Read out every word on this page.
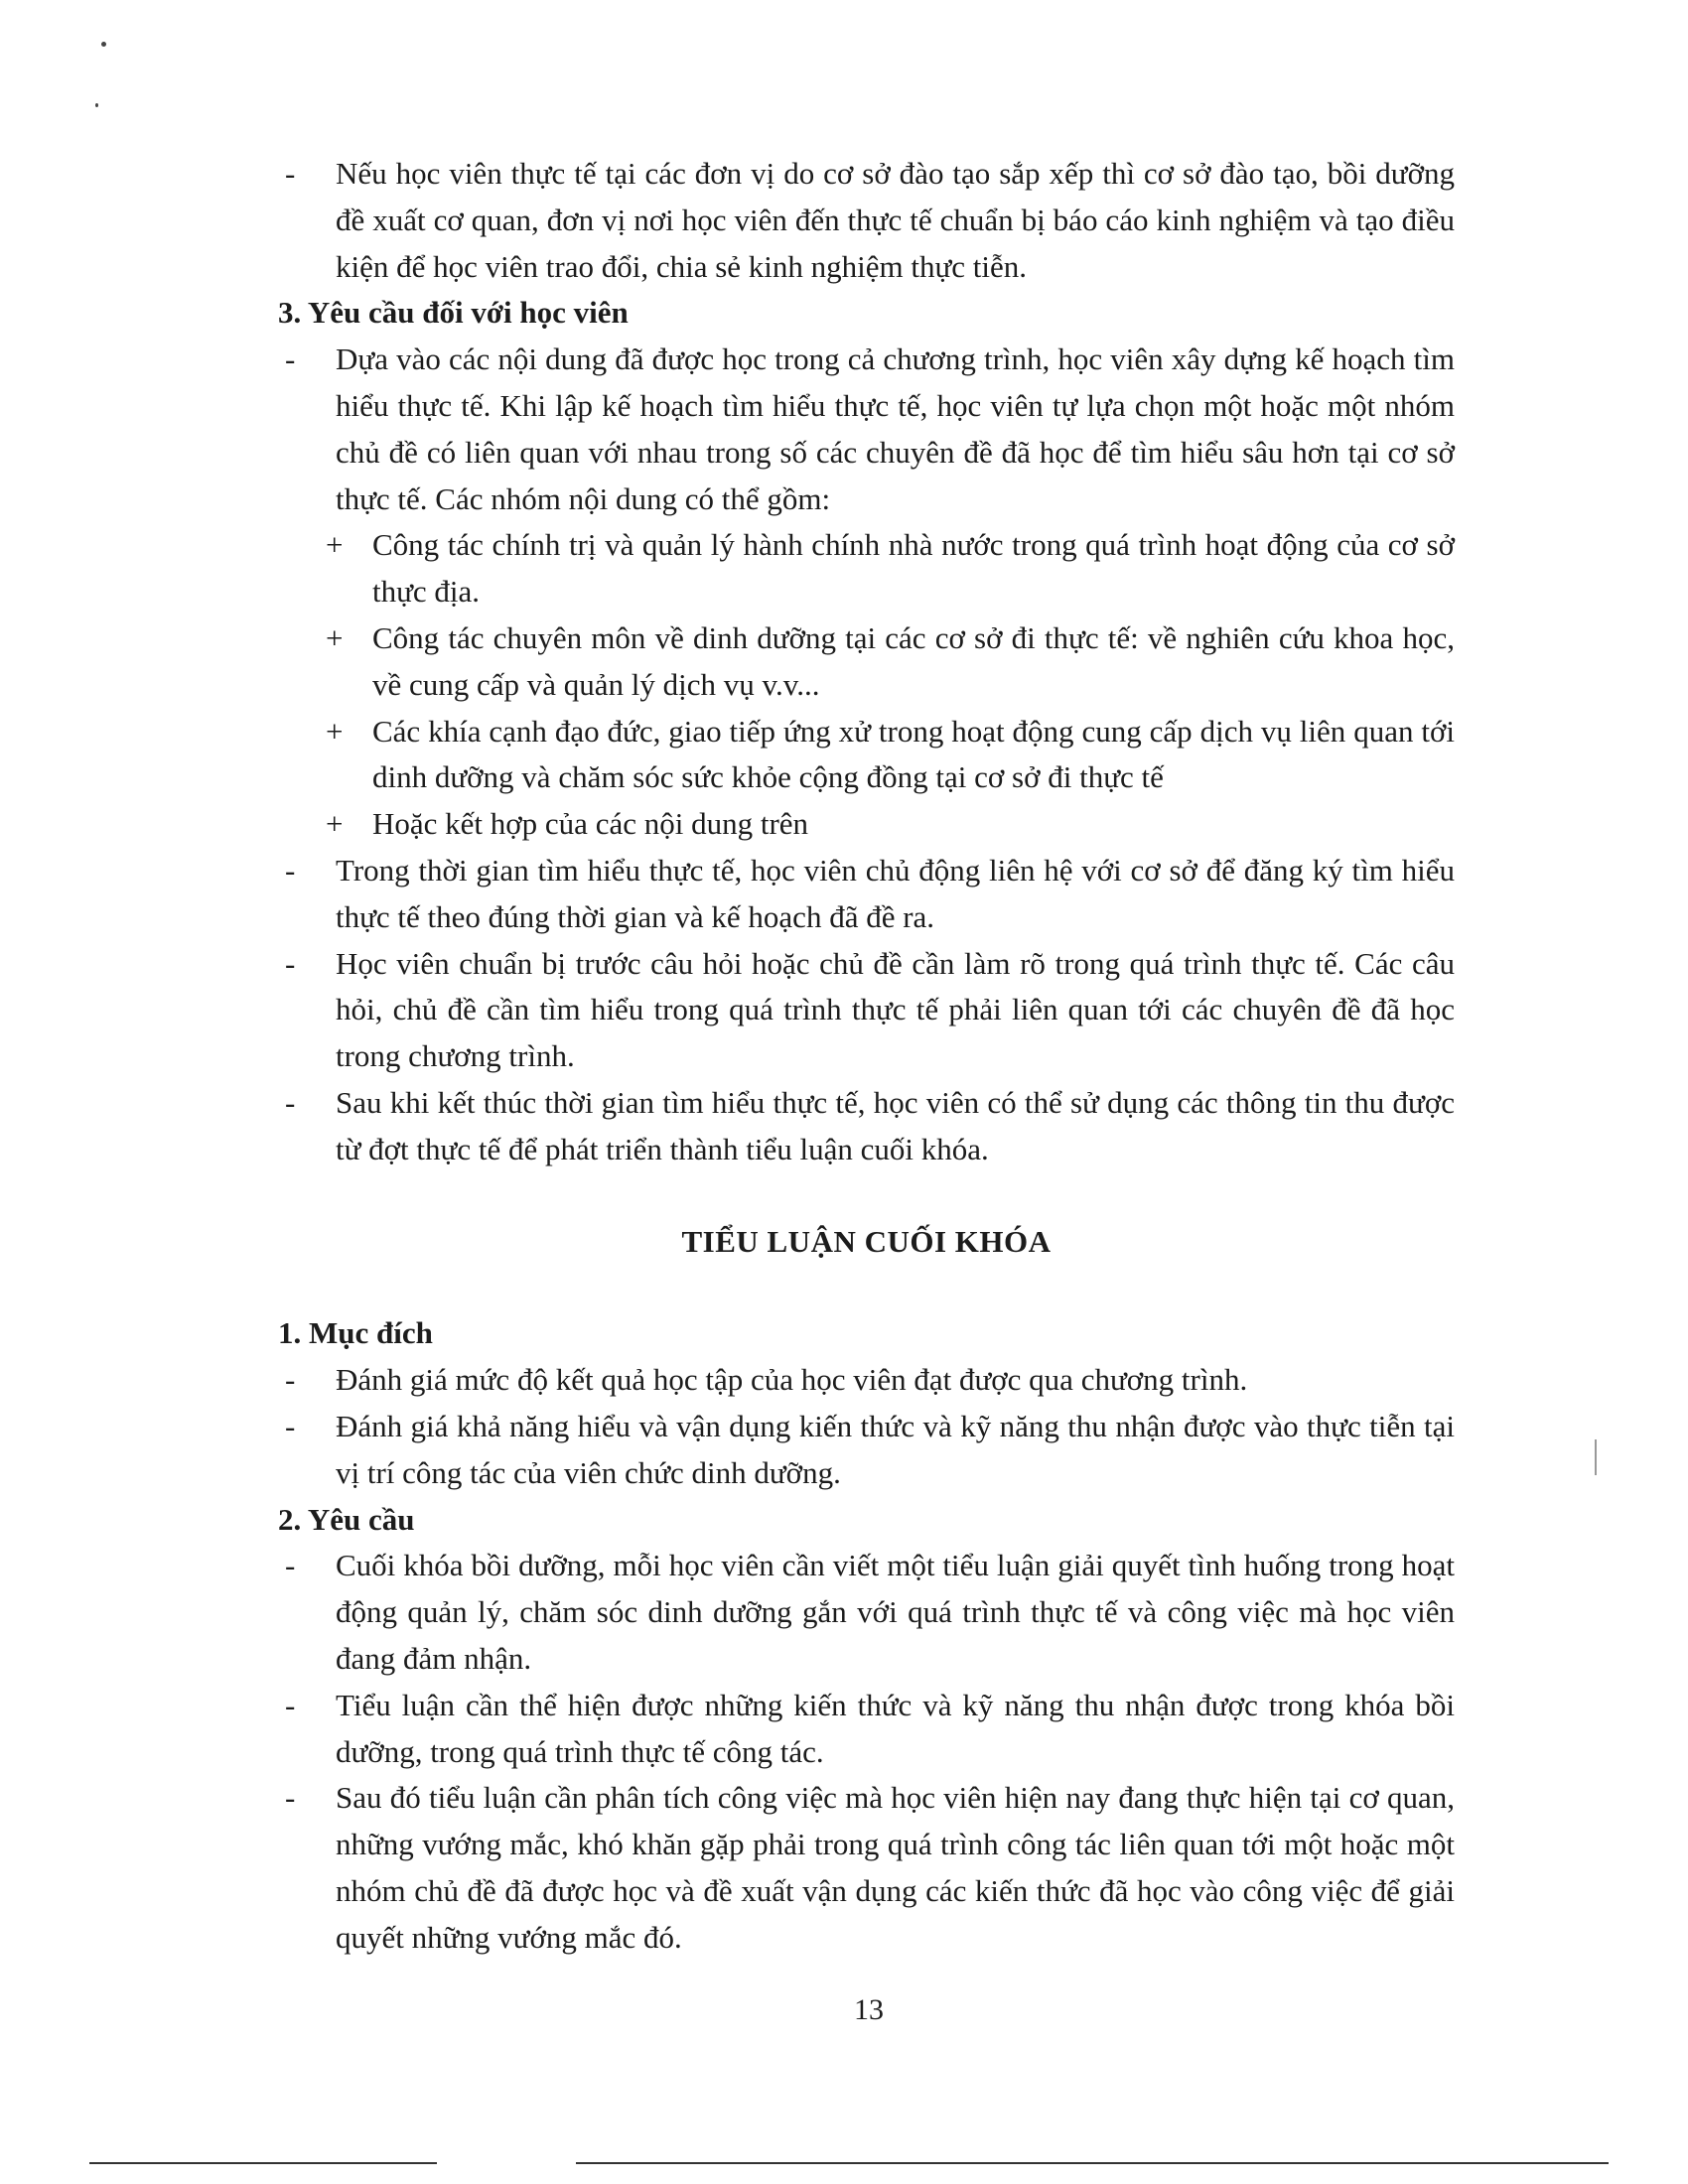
- Nếu học viên thực tế tại các đơn vị do cơ sở đào tạo sắp xếp thì cơ sở đào tạo, bồi dưỡng đề xuất cơ quan, đơn vị nơi học viên đến thực tế chuẩn bị báo cáo kinh nghiệm và tạo điều kiện để học viên trao đổi, chia sẻ kinh nghiệm thực tiễn.

3. Yêu cầu đối với học viên

- Dựa vào các nội dung đã được học trong cả chương trình, học viên xây dựng kế hoạch tìm hiểu thực tế. Khi lập kế hoạch tìm hiểu thực tế, học viên tự lựa chọn một hoặc một nhóm chủ đề có liên quan với nhau trong số các chuyên đề đã học để tìm hiểu sâu hơn tại cơ sở thực tế. Các nhóm nội dung có thể gồm:
+ Công tác chính trị và quản lý hành chính nhà nước trong quá trình hoạt động của cơ sở thực địa.
+ Công tác chuyên môn về dinh dưỡng tại các cơ sở đi thực tế: về nghiên cứu khoa học, về cung cấp và quản lý dịch vụ v.v...
+ Các khía cạnh đạo đức, giao tiếp ứng xử trong hoạt động cung cấp dịch vụ liên quan tới dinh dưỡng và chăm sóc sức khỏe cộng đồng tại cơ sở đi thực tế
+ Hoặc kết hợp của các nội dung trên
- Trong thời gian tìm hiểu thực tế, học viên chủ động liên hệ với cơ sở để đăng ký tìm hiểu thực tế theo đúng thời gian và kế hoạch đã đề ra.
- Học viên chuẩn bị trước câu hỏi hoặc chủ đề cần làm rõ trong quá trình thực tế. Các câu hỏi, chủ đề cần tìm hiểu trong quá trình thực tế phải liên quan tới các chuyên đề đã học trong chương trình.
- Sau khi kết thúc thời gian tìm hiểu thực tế, học viên có thể sử dụng các thông tin thu được từ đợt thực tế để phát triển thành tiểu luận cuối khóa.

TIỂU LUẬN CUỐI KHÓA

1. Mục đích

- Đánh giá mức độ kết quả học tập của học viên đạt được qua chương trình.
- Đánh giá khả năng hiểu và vận dụng kiến thức và kỹ năng thu nhận được vào thực tiễn tại vị trí công tác của viên chức dinh dưỡng.

2. Yêu cầu

- Cuối khóa bồi dưỡng, mỗi học viên cần viết một tiểu luận giải quyết tình huống trong hoạt động quản lý, chăm sóc dinh dưỡng gắn với quá trình thực tế và công việc mà học viên đang đảm nhận.
- Tiểu luận cần thể hiện được những kiến thức và kỹ năng thu nhận được trong khóa bồi dưỡng, trong quá trình thực tế công tác.
- Sau đó tiểu luận cần phân tích công việc mà học viên hiện nay đang thực hiện tại cơ quan, những vướng mắc, khó khăn gặp phải trong quá trình công tác liên quan tới một hoặc một nhóm chủ đề đã được học và đề xuất vận dụng các kiến thức đã học vào công việc để giải quyết những vướng mắc đó.
13
